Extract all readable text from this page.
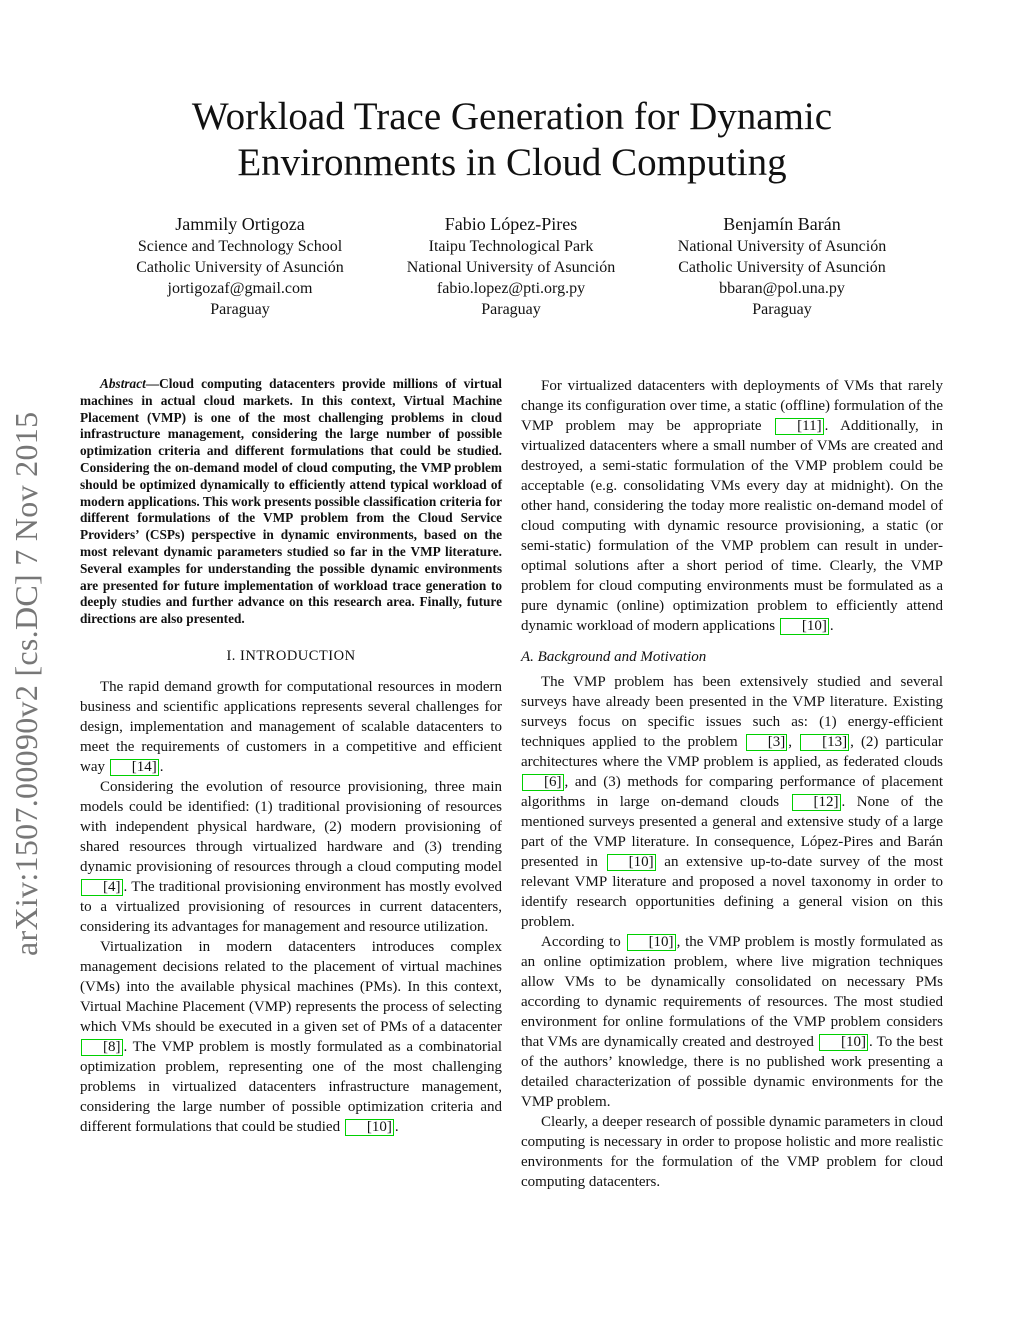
arXiv:1507.00090v2 [cs.DC] 7 Nov 2015
Workload Trace Generation for Dynamic
Environments in Cloud Computing
Jammily Ortigoza
Science and Technology School
Catholic University of Asunción
jortigozaf@gmail.com
Paraguay
Fabio López-Pires
Itaipu Technological Park
National University of Asunción
fabio.lopez@pti.org.py
Paraguay
Benjamín Barán
National University of Asunción
Catholic University of Asunción
bbaran@pol.una.py
Paraguay

Abstract—Cloud computing datacenters provide millions of virtual machines in actual cloud markets. In this context, Virtual Machine Placement (VMP) is one of the most challenging problems in cloud infrastructure management, considering the large number of possible optimization criteria and different formulations that could be studied. Considering the on-demand model of cloud computing, the VMP problem should be optimized dynamically to efficiently attend typical workload of modern applications. This work presents possible classification criteria for different formulations of the VMP problem from the Cloud Service Providers’ (CSPs) perspective in dynamic environments, based on the most relevant dynamic parameters studied so far in the VMP literature. Several examples for understanding the possible dynamic environments are presented for future implementation of workload trace generation to deeply studies and further advance on this research area. Finally, future directions are also presented.

I. INTRODUCTION

The rapid demand growth for computational resources in modern business and scientific applications represents several challenges for design, implementation and management of scalable datacenters to meet the requirements of customers in a competitive and efficient way [14] .

Considering the evolution of resource provisioning, three main models could be identified: (1) traditional provisioning of resources with independent physical hardware, (2) modern provisioning of shared resources through virtualized hardware and (3) trending dynamic provisioning of resources through a cloud computing model [4] . The traditional provisioning environment has mostly evolved to a virtualized provisioning of resources in current datacenters, considering its advantages for management and resource utilization.

Virtualization in modern datacenters introduces complex management decisions related to the placement of virtual machines (VMs) into the available physical machines (PMs). In this context, Virtual Machine Placement (VMP) represents the process of selecting which VMs should be executed in a given set of PMs of a datacenter [8] . The VMP problem is mostly formulated as a combinatorial optimization problem, representing one of the most challenging problems in virtualized datacenters infrastructure management, considering the large number of possible optimization criteria and different formulations that could be studied [10] .

For virtualized datacenters with deployments of VMs that rarely change its configuration over time, a static (offline) formulation of the VMP problem may be appropriate [11] . Additionally, in virtualized datacenters where a small number of VMs are created and destroyed, a semi-static formulation of the VMP problem could be acceptable (e.g. consolidating VMs every day at midnight). On the other hand, considering the today more realistic on-demand model of cloud computing with dynamic resource provisioning, a static (or semi-static) formulation of the VMP problem can result in under-optimal solutions after a short period of time. Clearly, the VMP problem for cloud computing environments must be formulated as a pure dynamic (online) optimization problem to efficiently attend dynamic workload of modern applications [10] .

A. Background and Motivation

The VMP problem has been extensively studied and several surveys have already been presented in the VMP literature. Existing surveys focus on specific issues such as: (1) energy-efficient techniques applied to the problem [3] , [13] , (2) particular architectures where the VMP problem is applied, as federated clouds [6] , and (3) methods for comparing performance of placement algorithms in large on-demand clouds [12] . None of the mentioned surveys presented a general and extensive study of a large part of the VMP literature. In consequence, López-Pires and Barán presented in [10] an extensive up-to-date survey of the most relevant VMP literature and proposed a novel taxonomy in order to identify research opportunities defining a general vision on this problem.

According to [10] , the VMP problem is mostly formulated as an online optimization problem, where live migration techniques allow VMs to be dynamically consolidated on necessary PMs according to dynamic requirements of resources. The most studied environment for online formulations of the VMP problem considers that VMs are dynamically created and destroyed [10] . To the best of the authors’ knowledge, there is no published work presenting a detailed characterization of possible dynamic environments for the VMP problem.

Clearly, a deeper research of possible dynamic parameters in cloud computing is necessary in order to propose holistic and more realistic environments for the formulation of the VMP problem for cloud computing datacenters.
